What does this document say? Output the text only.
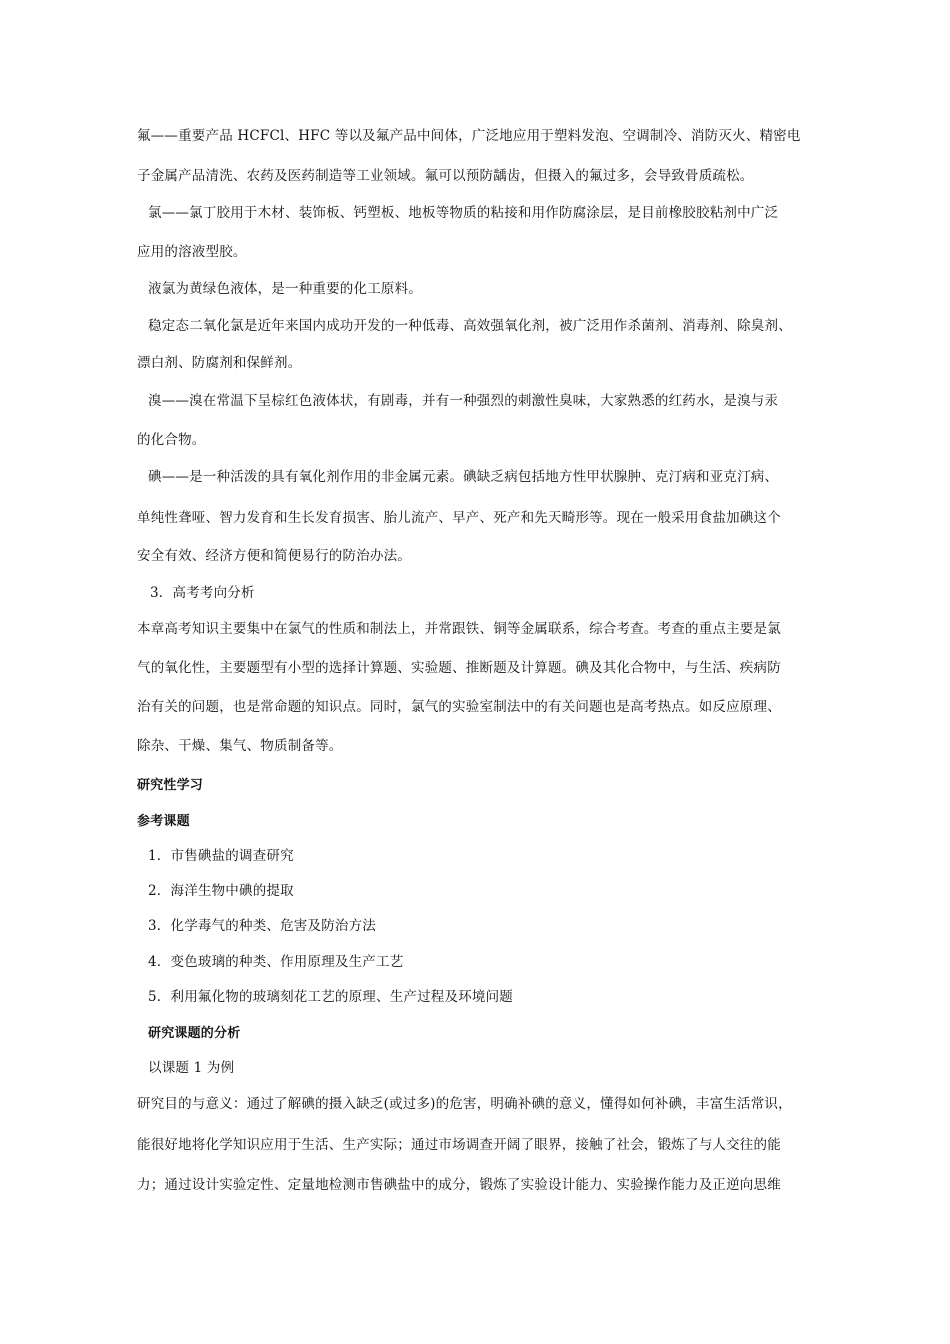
氟——重要产品 HCFCl、HFC 等以及氟产品中间体，广泛地应用于塑料发泡、空调制冷、消防灭火、精密电
子金属产品清洗、农药及医药制造等工业领域。氟可以预防龋齿，但摄入的氟过多，会导致骨质疏松。
氯——氯丁胶用于木材、装饰板、钙塑板、地板等物质的粘接和用作防腐涂层，是目前橡胶胶粘剂中广泛
应用的溶液型胶。
液氯为黄绿色液体，是一种重要的化工原料。
稳定态二氧化氯是近年来国内成功开发的一种低毒、高效强氧化剂，被广泛用作杀菌剂、消毒剂、除臭剂、
漂白剂、防腐剂和保鲜剂。
溴——溴在常温下呈棕红色液体状，有剧毒，并有一种强烈的刺激性臭味，大家熟悉的红药水，是溴与汞
的化合物。
碘——是一种活泼的具有氧化剂作用的非金属元素。碘缺乏病包括地方性甲状腺肿、克汀病和亚克汀病、
单纯性聋哑、智力发育和生长发育损害、胎儿流产、早产、死产和先天畸形等。现在一般采用食盐加碘这个
安全有效、经济方便和简便易行的防治办法。
3．高考考向分析
本章高考知识主要集中在氯气的性质和制法上，并常跟铁、铜等金属联系，综合考查。考查的重点主要是氯
气的氧化性，主要题型有小型的选择计算题、实验题、推断题及计算题。碘及其化合物中，与生活、疾病防
治有关的问题，也是常命题的知识点。同时，氯气的实验室制法中的有关问题也是高考热点。如反应原理、
除杂、干燥、集气、物质制备等。
研究性学习
参考课题
1．市售碘盐的调查研究
2．海洋生物中碘的提取
3．化学毒气的种类、危害及防治方法
4．变色玻璃的种类、作用原理及生产工艺
5．利用氟化物的玻璃刻花工艺的原理、生产过程及环境问题
研究课题的分析
以课题 1 为例
研究目的与意义：通过了解碘的摄入缺乏(或过多)的危害，明确补碘的意义，懂得如何补碘，丰富生活常识，
能很好地将化学知识应用于生活、生产实际；通过市场调查开阔了眼界，接触了社会，锻炼了与人交往的能
力；通过设计实验定性、定量地检测市售碘盐中的成分，锻炼了实验设计能力、实验操作能力及正逆向思维
